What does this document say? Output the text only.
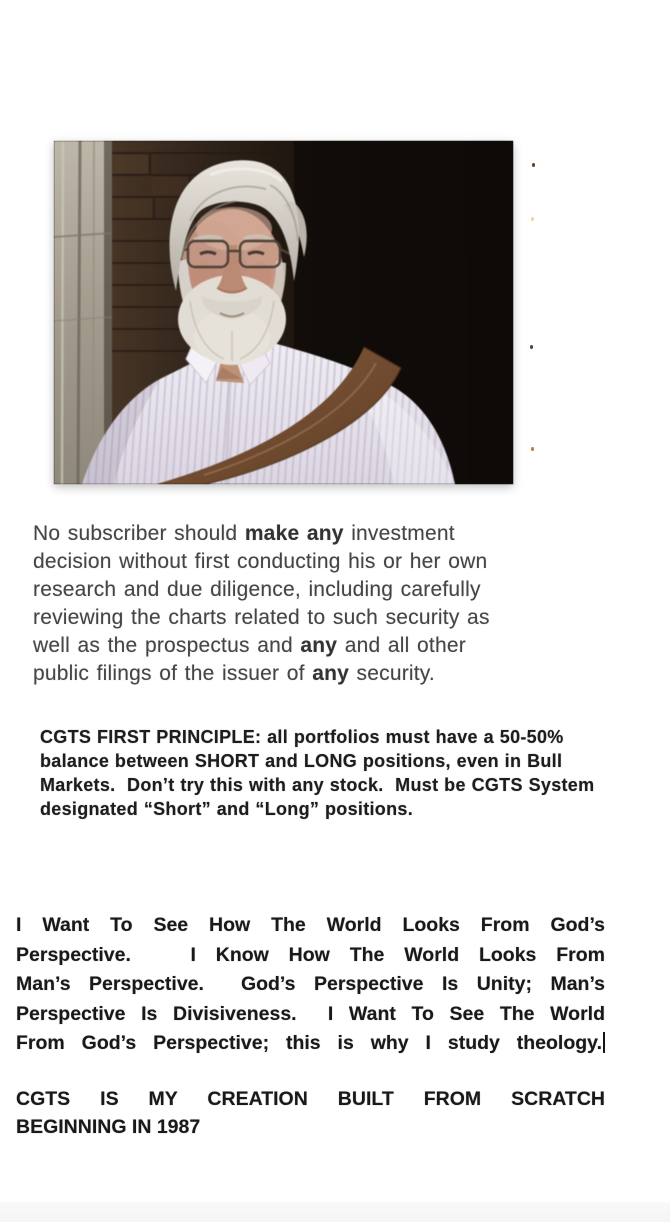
No subscriber should make any investment
decision without first conducting his or her own
research and due diligence, including carefully
reviewing the charts related to such security as
well as the prospectus and any and all other
public filings of the issuer of any security.
CGTS FIRST PRINCIPLE: all portfolios must have a 50-50%
balance between SHORT and LONG positions, even in Bull
Markets.  Don’t try this with any stock.  Must be CGTS System
designated “Short” and “Long” positions.
I Want To See How The World Looks From God’s
Perspective.   I Know How The World Looks From
Man’s Perspective.  God’s Perspective Is Unity; Man’s
Perspective Is Divisiveness.  I Want To See The World
From God’s Perspective; this is why I study theology.
CGTS IS MY CREATION BUILT FROM SCRATCH
BEGINNING IN 1987
